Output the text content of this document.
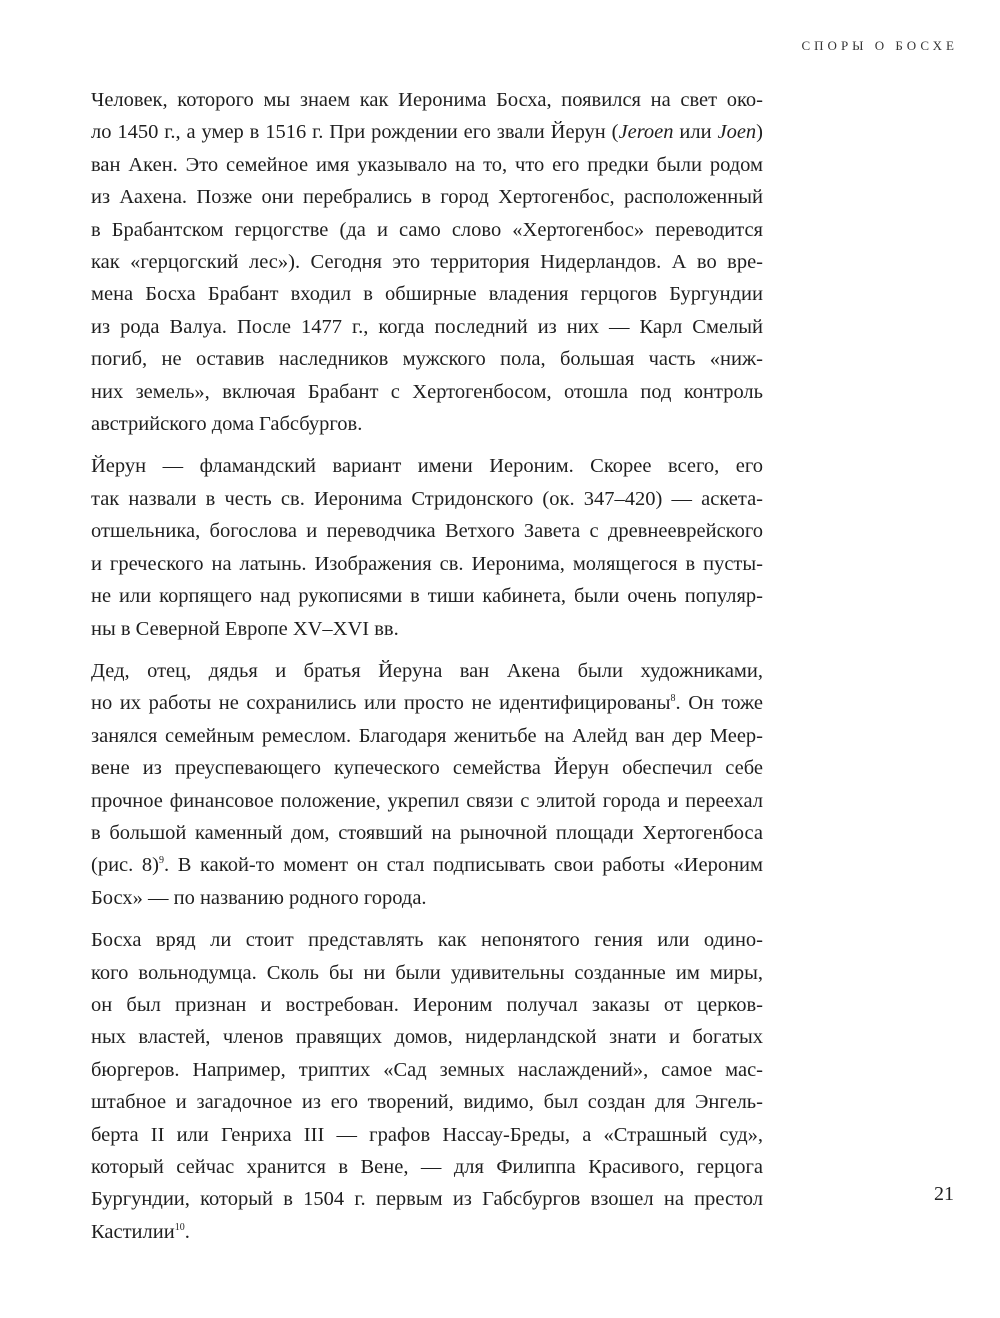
СПОРЫ О БОСХЕ

Человек, которого мы знаем как Иеронима Босха, появился на свет око-
ло 1450 г., а умер в 1516 г. При рождении его звали Йерун (Jeroen или Joen)
ван Акен. Это семейное имя указывало на то, что его предки были родом
из Аахена. Позже они перебрались в город Хертогенбос, расположенный
в Брабантском герцогстве (да и само слово «Хертогенбос» переводится
как «герцогский лес»). Сегодня это территория Нидерландов. А во вре-
мена Босха Брабант входил в обширные владения герцогов Бургундии
из рода Валуа. После 1477 г., когда последний из них — Карл Смелый
погиб, не оставив наследников мужского пола, большая часть «ниж-
них земель», включая Брабант с Хертогенбосом, отошла под контроль
австрийского дома Габсбургов.

Йерун — фламандский вариант имени Иероним. Скорее всего, его
так назвали в честь св. Иеронима Стридонского (ок. 347–420) — аскета-
отшельника, богослова и переводчика Ветхого Завета с древнееврейского
и греческого на латынь. Изображения св. Иеронима, молящегося в пусты-
не или корпящего над рукописями в тиши кабинета, были очень популяр-
ны в Северной Европе XV–XVI вв.

Дед, отец, дядья и братья Йеруна ван Акена были художниками,
но их работы не сохранились или просто не идентифицированы$^8$. Он тоже
занялся семейным ремеслом. Благодаря женитьбе на Алейд ван дер Меер-
вене из преуспевающего купеческого семейства Йерун обеспечил себе
прочное финансовое положение, укрепил связи с элитой города и переехал
в большой каменный дом, стоявший на рыночной площади Хертогенбоса
(рис. 8)$^9$. В какой-то момент он стал подписывать свои работы «Иероним
Босх» — по названию родного города.

Босха вряд ли стоит представлять как непонятого гения или одино-
кого вольнодумца. Сколь бы ни были удивительны созданные им миры,
он был признан и востребован. Иероним получал заказы от церков-
ных властей, членов правящих домов, нидерландской знати и богатых
бюргеров. Например, триптих «Сад земных наслаждений», самое мас-
штабное и загадочное из его творений, видимо, был создан для Энгель-
берта II или Генриха III — графов Нассау-Бреды, а «Страшный суд»,
который сейчас хранится в Вене, — для Филиппа Красивого, герцога
Бургундии, который в 1504 г. первым из Габсбургов взошел на престол
Кастилии$^{10}$.

21
